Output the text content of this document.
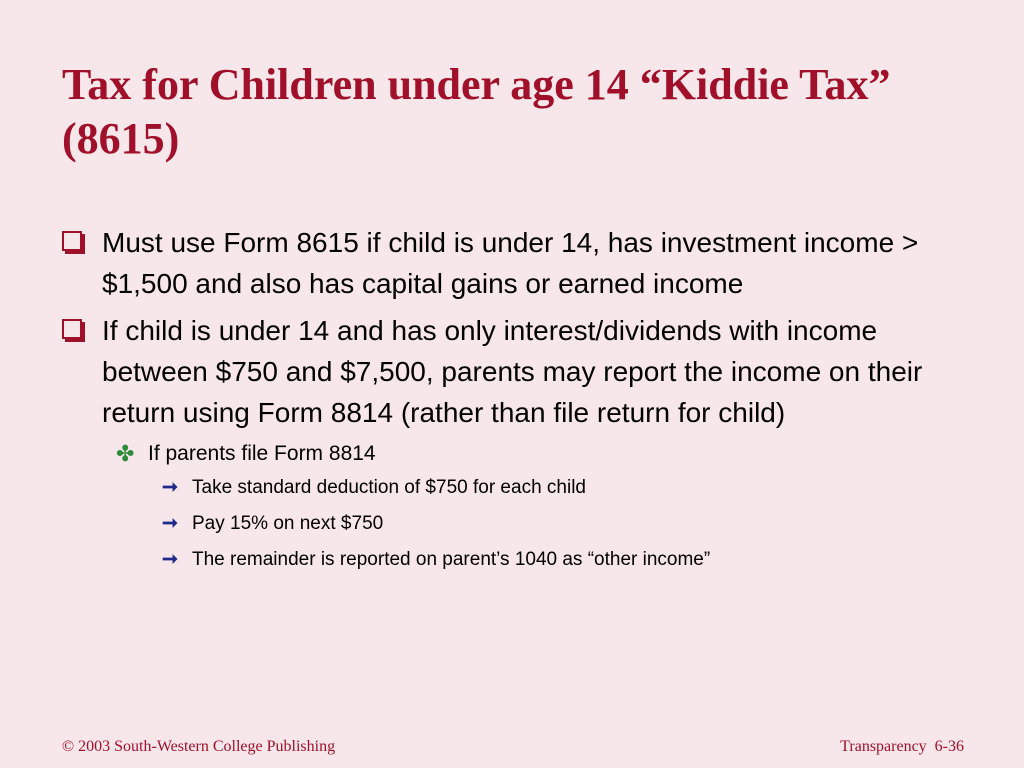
Tax for Children under age 14 “Kiddie Tax” (8615)
Must use Form 8615 if child is under 14, has investment income > $1,500 and also has capital gains or earned income
If child is under 14 and has only interest/dividends with income between $750 and $7,500, parents may report the income on their return using Form 8814 (rather than file return for child)
✤ If parents file Form 8814
➞ Take standard deduction of $750 for each child
➞ Pay 15% on next $750
➞ The remainder is reported on parent’s 1040 as “other income”
© 2003 South-Western College Publishing	Transparency  6-36
